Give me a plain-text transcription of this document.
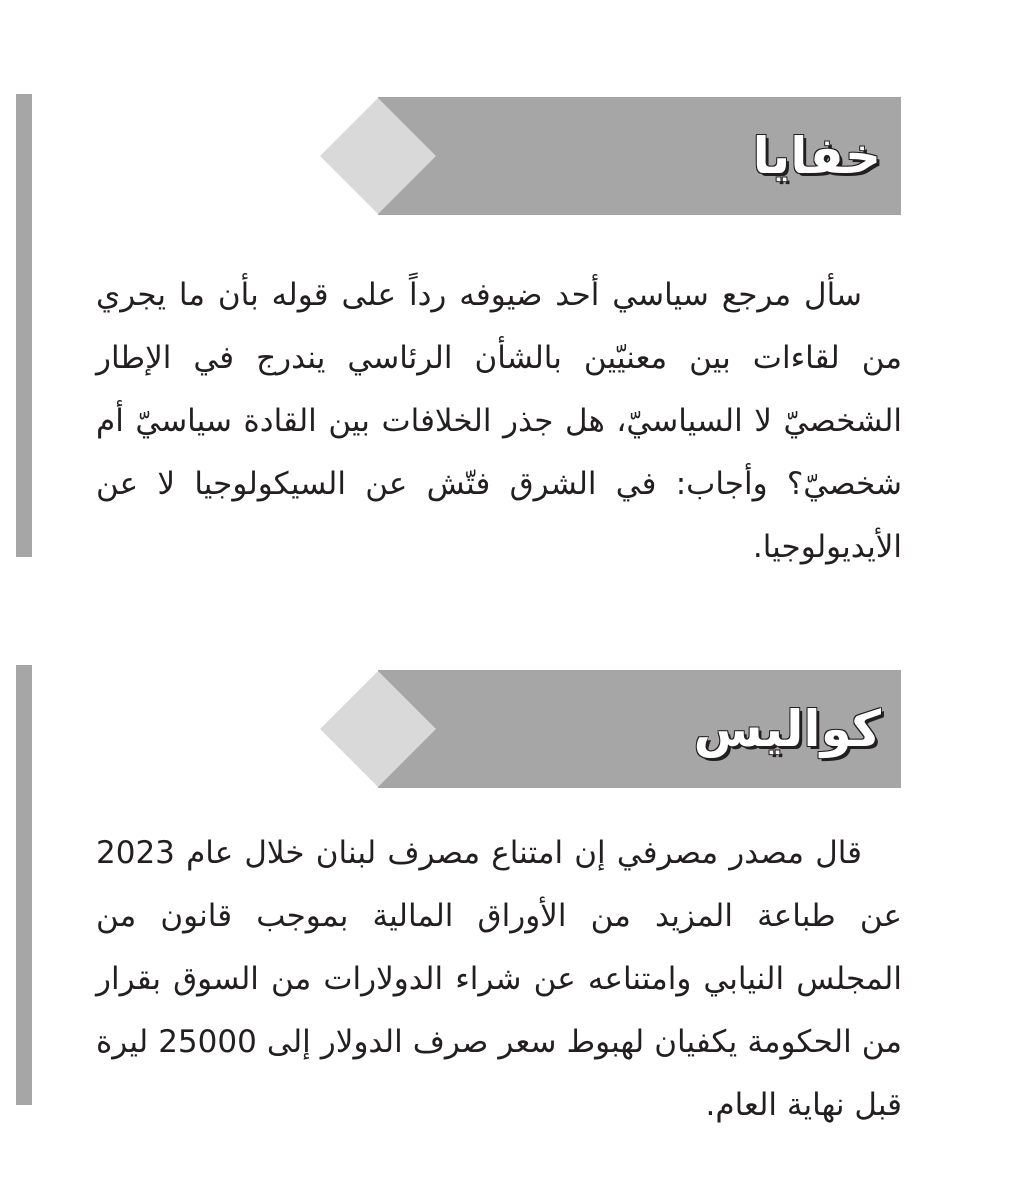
خفايا

سأل مرجع سياسي أحد ضيوفه رداً على قوله بأن ما يجري من لقاءات بين معنيّين بالشأن الرئاسي يندرج في الإطار الشخصيّ لا السياسيّ، هل جذر الخلافات بين القادة سياسيّ أم شخصيّ؟ وأجاب: في الشرق فتّش عن السيكولوجيا لا عن الأيديولوجيا.

كواليس

قال مصدر مصرفي إن امتناع مصرف لبنان خلال عام 2023 عن طباعة المزيد من الأوراق المالية بموجب قانون من المجلس النيابي وامتناعه عن شراء الدولارات من السوق بقرار من الحكومة يكفيان لهبوط سعر صرف الدولار إلى 25000 ليرة قبل نهاية العام.
